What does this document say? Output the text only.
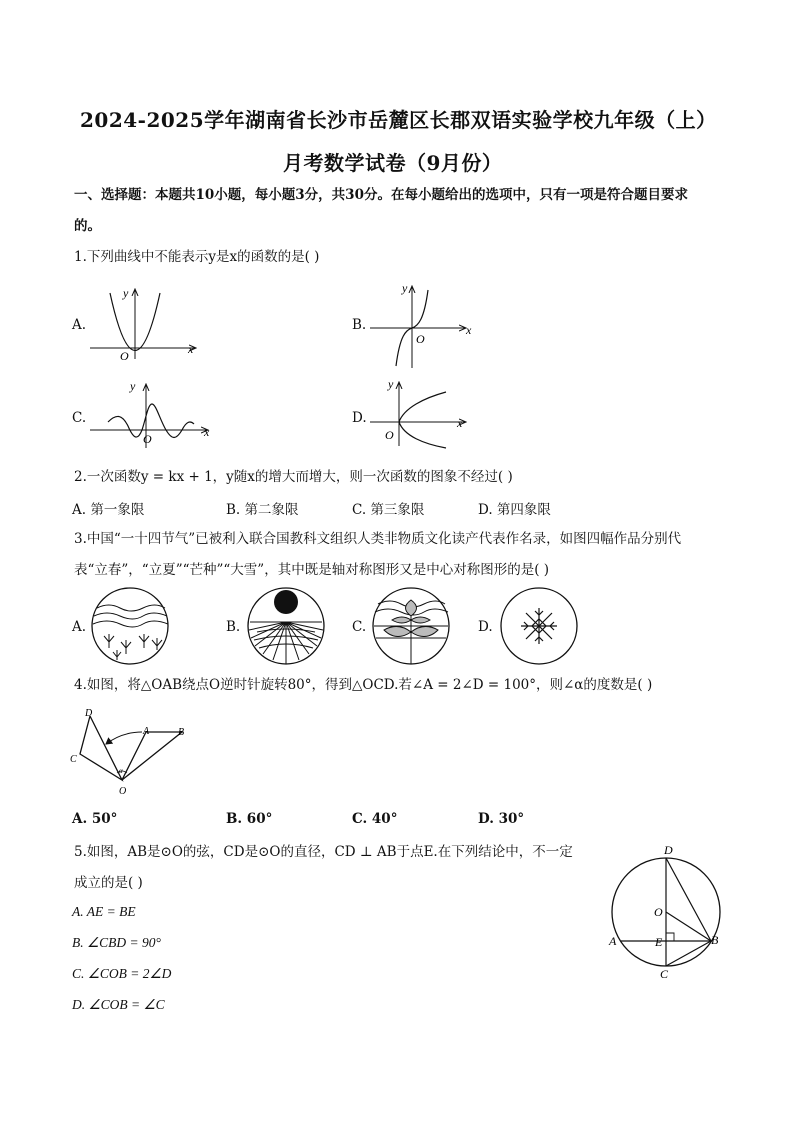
2024-2025学年湖南省长沙市岳麓区长郡双语实验学校九年级（上）
月考数学试卷（9月份）
一、选择题：本题共10小题，每小题3分，共30分。在每小题给出的选项中，只有一项是符合题目要求
的。
1.下列曲线中不能表示y是x的函数的是( )
A.
y
x
O
B.
y
x
O
C.
y
x
O
D.
y
x
O
2.一次函数y = kx + 1，y随x的增大而增大，则一次函数的图象不经过( )
A. 第一象限	B. 第二象限	C. 第三象限	D. 第四象限
3.中国“一十四节气”已被利入联合国教科文组织人类非物质文化读产代表作名录，如图四幅作品分别代
表“立春”，“立夏”“芒种”“大雪”，其中既是轴对称图形又是中心对称图形的是( )
A.	B.	C.	D.
4.如图，将△OAB绕点O逆时针旋转80°，得到△OCD.若∠A = 2∠D = 100°，则∠α的度数是( )
D
A	B
C
O
α
A. 50°	B. 60°	C. 40°	D. 30°
5.如图，AB是⊙O的弦，CD是⊙O的直径，CD ⊥ AB于点E.在下列结论中，不一定
成立的是( )
A. AE = BE
B. ∠CBD = 90°
C. ∠COB = 2∠D
D. ∠COB = ∠C
D
O
A	E	B
C
